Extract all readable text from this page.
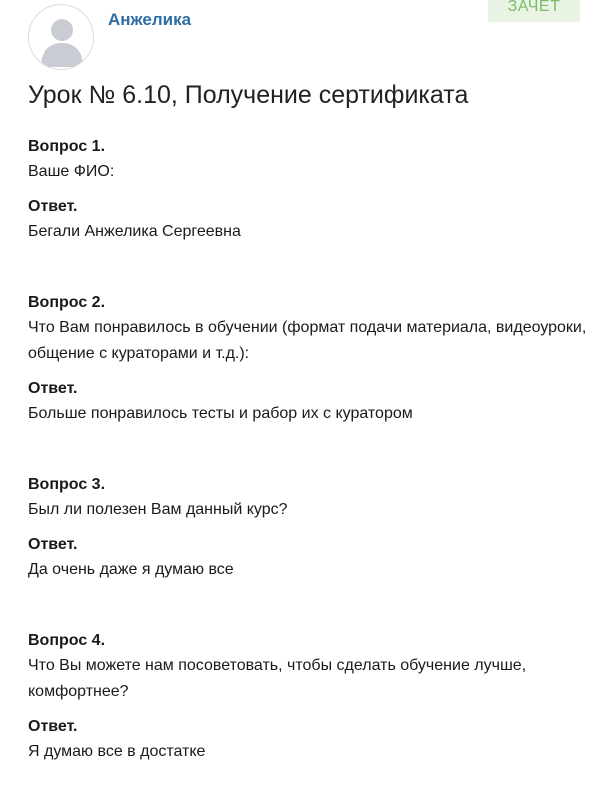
Анжелика
ЗАЧЕТ
Урок № 6.10, Получение сертификата
Вопрос 1.
Ваше ФИО:
Ответ.
Бегали Анжелика Сергеевна
Вопрос 2.
Что Вам понравилось в обучении (формат подачи материала, видеоуроки, общение с кураторами и т.д.):
Ответ.
Больше понравилось тесты и рабор их с куратором
Вопрос 3.
Был ли полезен Вам данный курс?
Ответ.
Да очень даже я думаю все
Вопрос 4.
Что Вы можете нам посоветовать, чтобы сделать обучение лучше, комфортнее?
Ответ.
Я думаю все в достатке
